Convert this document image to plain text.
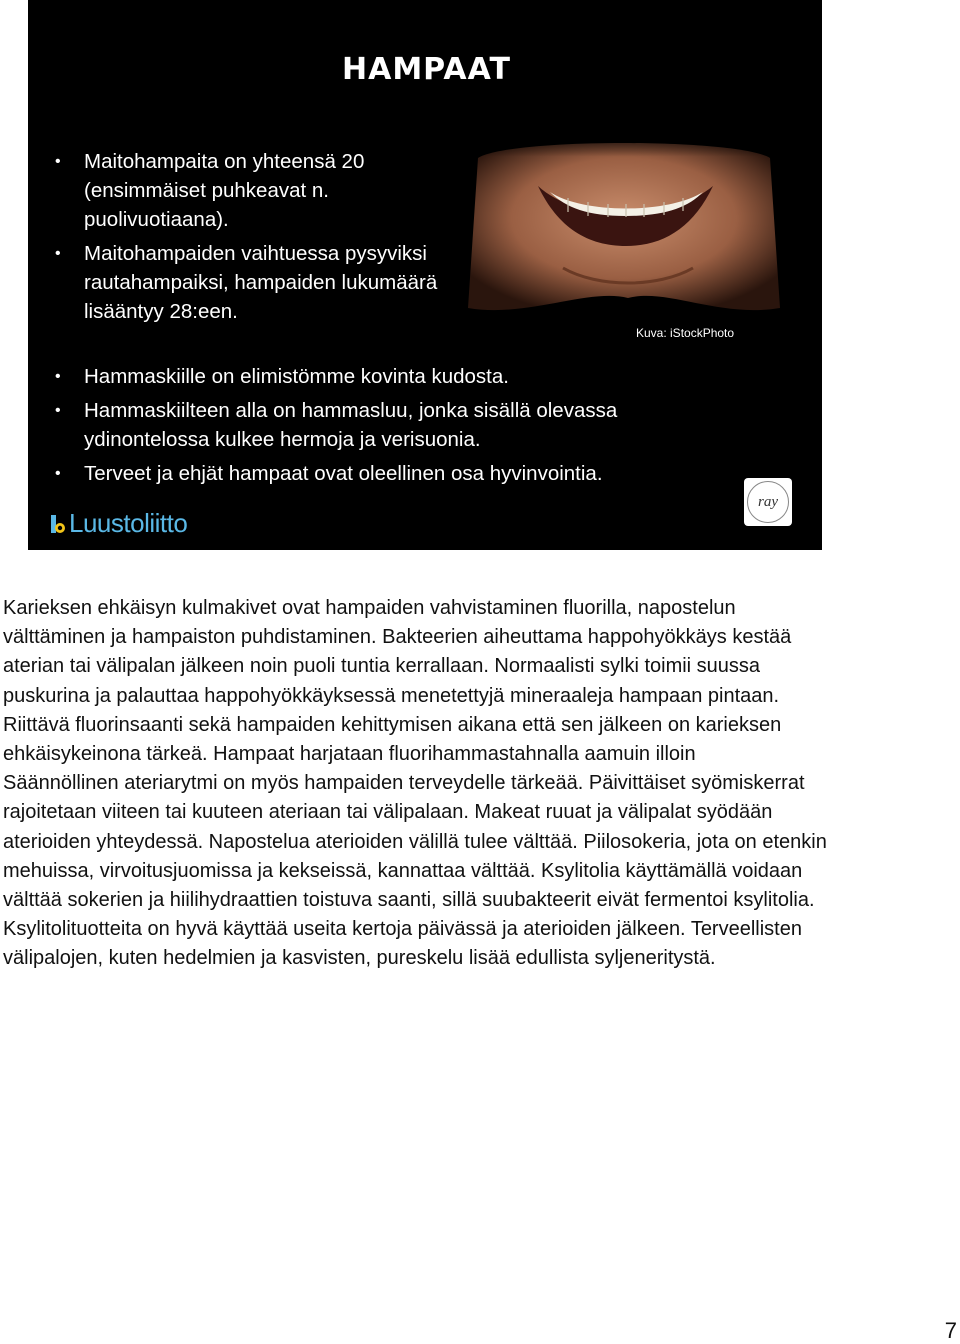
HAMPAAT
Kuva: iStockPhoto
• Maitohampaita on yhteensä 20 (ensimmäiset puhkeavat n. puolivuotiaana).
• Maitohampaiden vaihtuessa pysyviksi rautahampaiksi, hampaiden lukumäärä lisääntyy 28:een.
• Hammaskiille on elimistömme kovinta kudosta.
• Hammaskiilteen alla on hammasluu, jonka sisällä olevassa ydinontelossa kulkee hermoja ja verisuonia.
• Terveet ja ehjät hampaat ovat oleellinen osa hyvinvointia.
Luustoliitto
ray

Karieksen ehkäisyn kulmakivet ovat hampaiden vahvistaminen fluorilla, napostelun välttäminen ja hampaiston puhdistaminen. Bakteerien aiheuttama happohyökkäys kestää aterian tai välipalan jälkeen noin puoli tuntia kerrallaan. Normaalisti sylki toimii suussa puskurina ja palauttaa happohyökkäyksessä menetettyjä mineraaleja hampaan pintaan.

Riittävä fluorinsaanti sekä hampaiden kehittymisen aikana että sen jälkeen on karieksen ehkäisykeinona tärkeä. Hampaat harjataan fluorihammastahnalla aamuin illoin

Säännöllinen ateriarytmi on myös hampaiden terveydelle tärkeää. Päivittäiset syömiskerrat rajoitetaan viiteen tai kuuteen ateriaan tai välipalaan. Makeat ruuat ja välipalat syödään aterioiden yhteydessä. Napostelua aterioiden välillä tulee välttää. Piilosokeria, jota on etenkin mehuissa, virvoitusjuomissa ja kekseissä, kannattaa välttää. Ksylitolia käyttämällä voidaan välttää sokerien ja hiilihydraattien toistuva saanti, sillä suubakteerit eivät fermentoi ksylitolia. Ksylitolituotteita on hyvä käyttää useita kertoja päivässä ja aterioiden jälkeen. Terveellisten välipalojen, kuten hedelmien ja kasvisten, pureskelu lisää edullista syljeneritystä.

7
